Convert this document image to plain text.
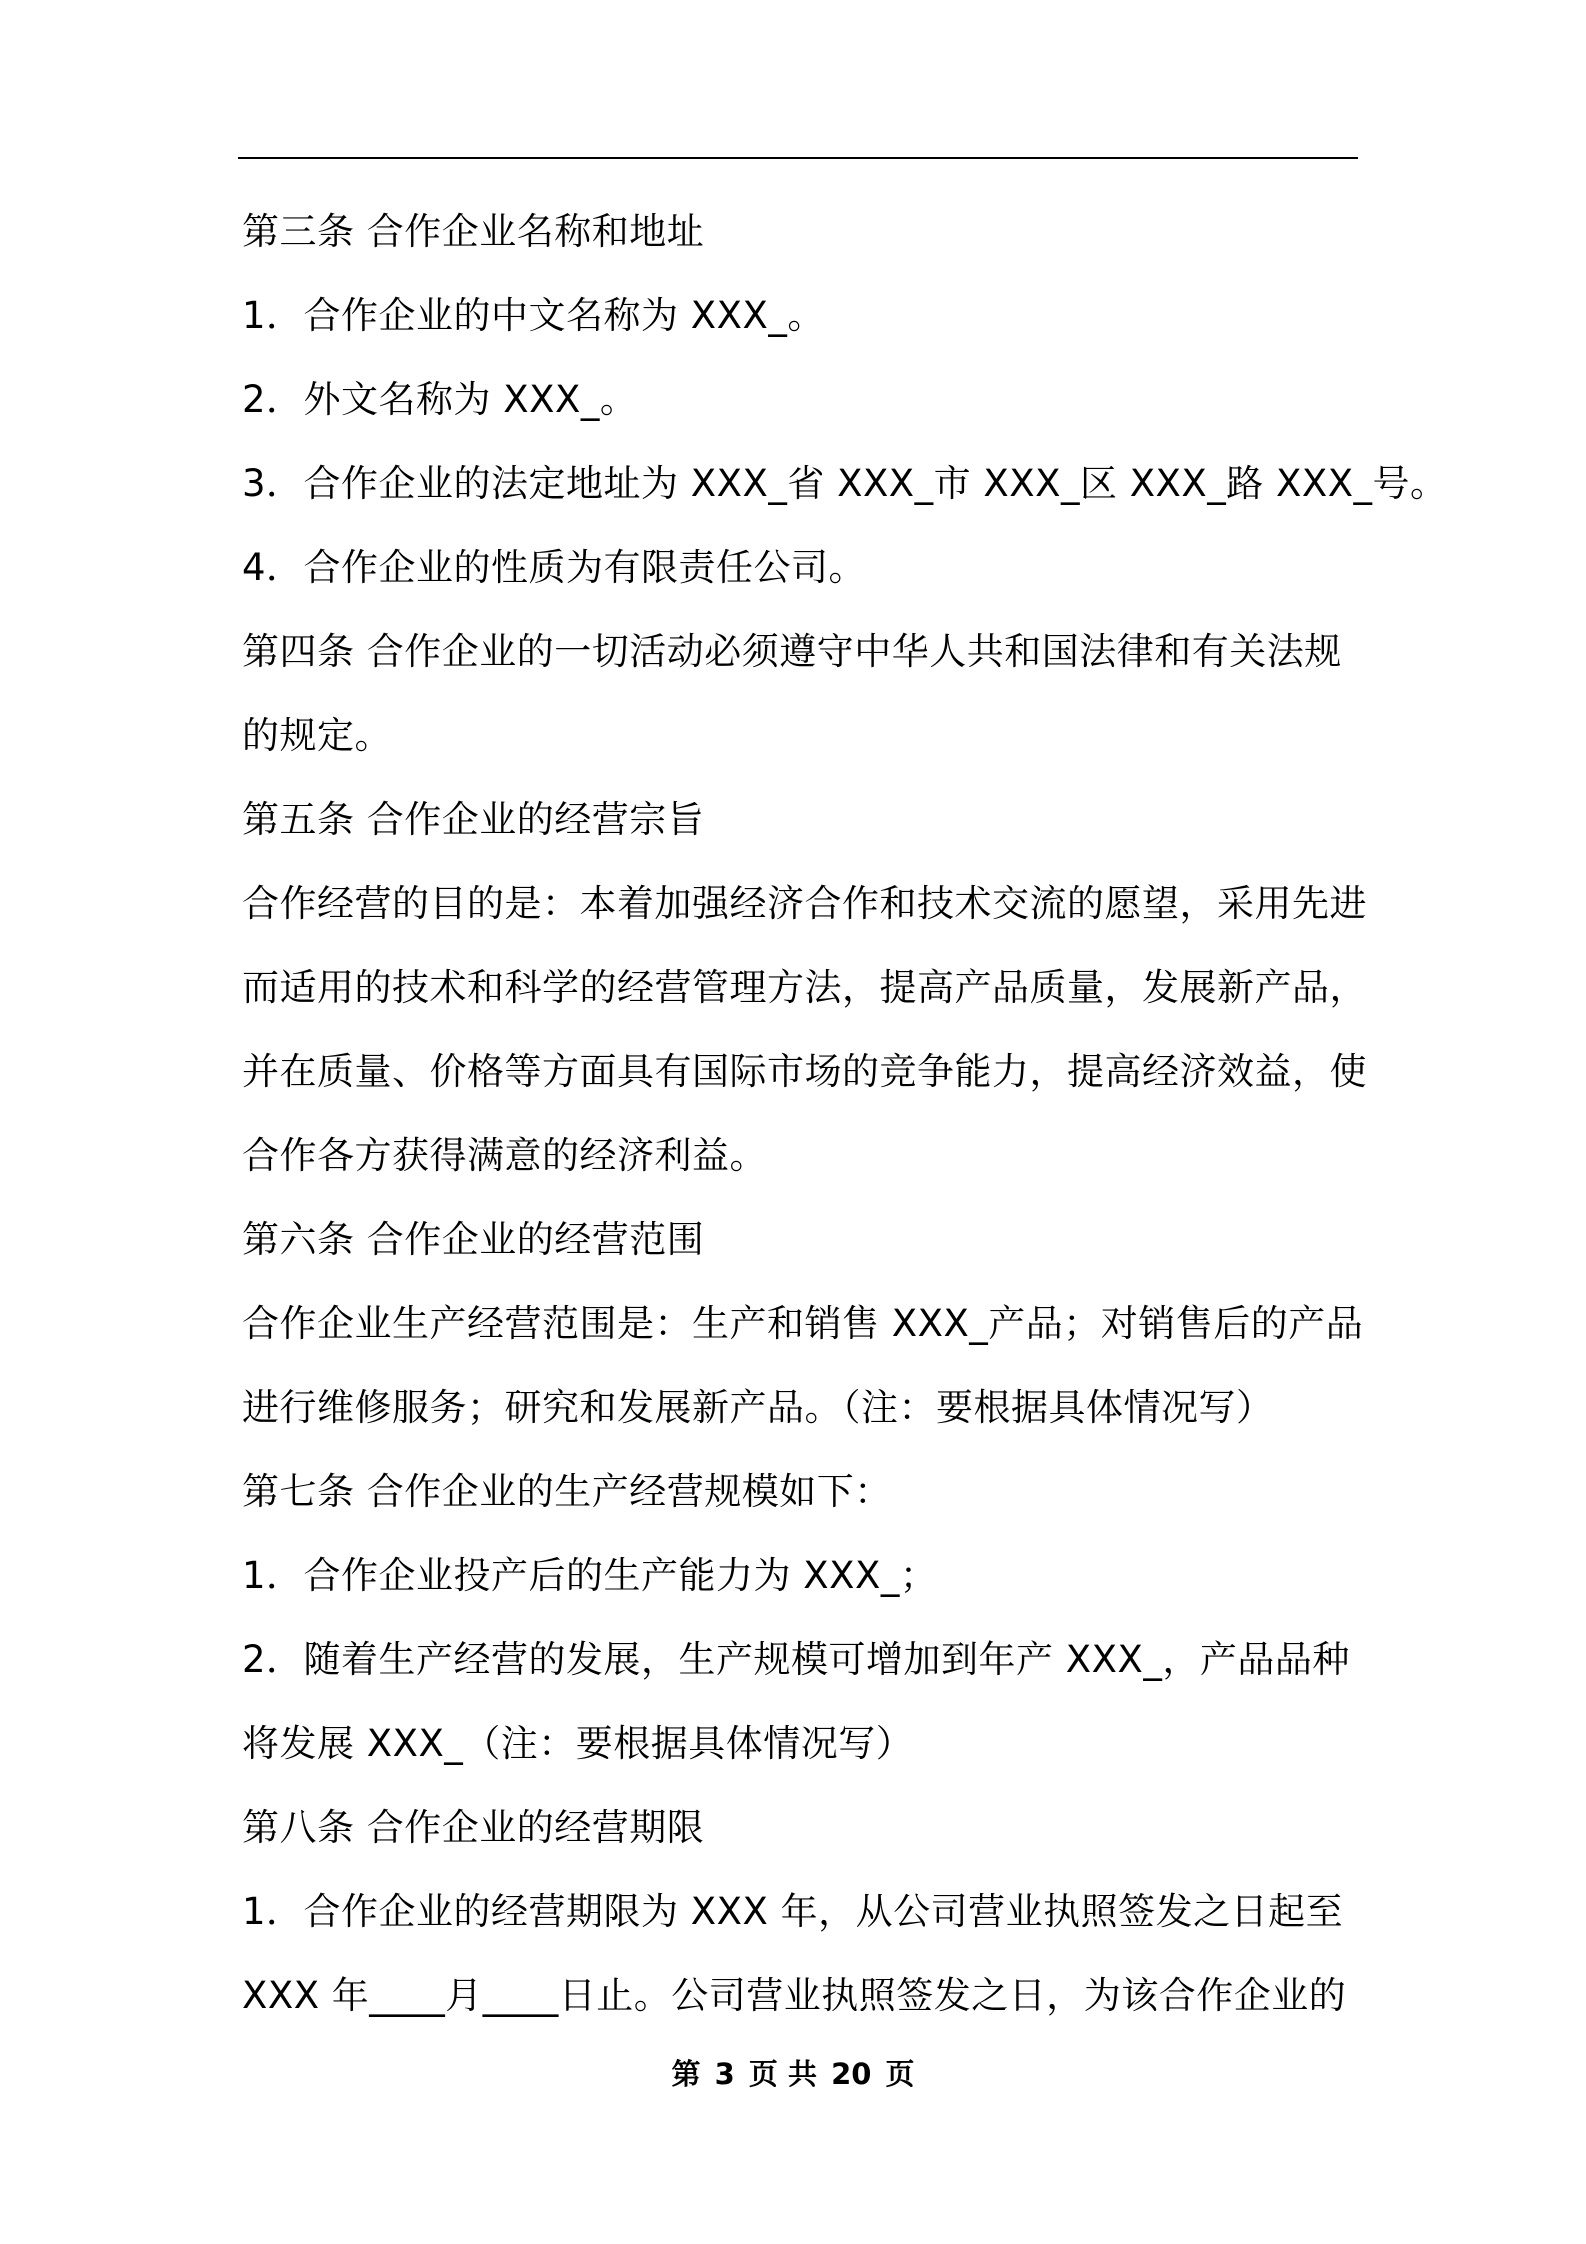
第三条 合作企业名称和地址
1．合作企业的中文名称为 XXX_。
2．外文名称为 XXX_。
3．合作企业的法定地址为 XXX_省 XXX_市 XXX_区 XXX_路 XXX_号。
4．合作企业的性质为有限责任公司。
第四条 合作企业的一切活动必须遵守中华人共和国法律和有关法规
的规定。
第五条 合作企业的经营宗旨
合作经营的目的是：本着加强经济合作和技术交流的愿望，采用先进
而适用的技术和科学的经营管理方法，提高产品质量，发展新产品，
并在质量、价格等方面具有国际市场的竞争能力，提高经济效益，使
合作各方获得满意的经济利益。
第六条 合作企业的经营范围
合作企业生产经营范围是：生产和销售 XXX_产品；对销售后的产品
进行维修服务；研究和发展新产品。（注：要根据具体情况写）
第七条 合作企业的生产经营规模如下：
1．合作企业投产后的生产能力为 XXX_；
2．随着生产经营的发展，生产规模可增加到年产 XXX_，产品品种
将发展 XXX_（注：要根据具体情况写）
第八条 合作企业的经营期限
1．合作企业的经营期限为 XXX 年，从公司营业执照签发之日起至
XXX 年____月____日止。公司营业执照签发之日，为该合作企业的
第 3 页 共 20 页
